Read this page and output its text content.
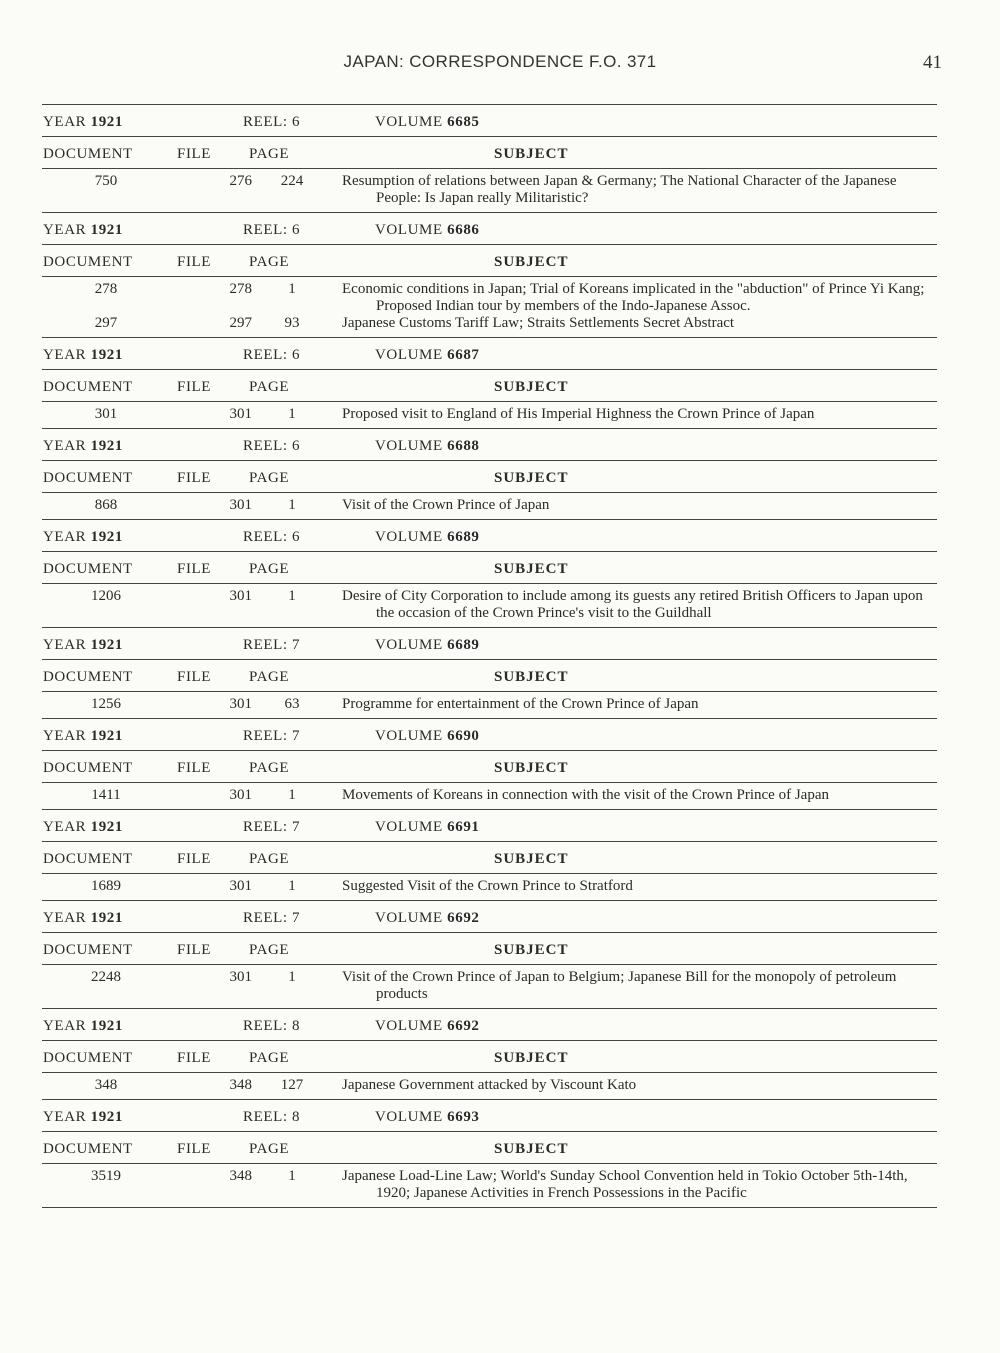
JAPAN: CORRESPONDENCE F.O. 371	41
YEAR 1921	REEL: 6	VOLUME 6685
DOCUMENT	FILE	PAGE	SUBJECT
750	276	224	Resumption of relations between Japan & Germany; The National Character of the Japanese People: Is Japan really Militaristic?
YEAR 1921	REEL: 6	VOLUME 6686
DOCUMENT	FILE	PAGE	SUBJECT
278	278	1	Economic conditions in Japan; Trial of Koreans implicated in the "abduction" of Prince Yi Kang; Proposed Indian tour by members of the Indo-Japanese Assoc.
297	297	93	Japanese Customs Tariff Law; Straits Settlements Secret Abstract
YEAR 1921	REEL: 6	VOLUME 6687
DOCUMENT	FILE	PAGE	SUBJECT
301	301	1	Proposed visit to England of His Imperial Highness the Crown Prince of Japan
YEAR 1921	REEL: 6	VOLUME 6688
DOCUMENT	FILE	PAGE	SUBJECT
868	301	1	Visit of the Crown Prince of Japan
YEAR 1921	REEL: 6	VOLUME 6689
DOCUMENT	FILE	PAGE	SUBJECT
1206	301	1	Desire of City Corporation to include among its guests any retired British Officers to Japan upon the occasion of the Crown Prince's visit to the Guildhall
YEAR 1921	REEL: 7	VOLUME 6689
DOCUMENT	FILE	PAGE	SUBJECT
1256	301	63	Programme for entertainment of the Crown Prince of Japan
YEAR 1921	REEL: 7	VOLUME 6690
DOCUMENT	FILE	PAGE	SUBJECT
1411	301	1	Movements of Koreans in connection with the visit of the Crown Prince of Japan
YEAR 1921	REEL: 7	VOLUME 6691
DOCUMENT	FILE	PAGE	SUBJECT
1689	301	1	Suggested Visit of the Crown Prince to Stratford
YEAR 1921	REEL: 7	VOLUME 6692
DOCUMENT	FILE	PAGE	SUBJECT
2248	301	1	Visit of the Crown Prince of Japan to Belgium; Japanese Bill for the monopoly of petroleum products
YEAR 1921	REEL: 8	VOLUME 6692
DOCUMENT	FILE	PAGE	SUBJECT
348	348	127	Japanese Government attacked by Viscount Kato
YEAR 1921	REEL: 8	VOLUME 6693
DOCUMENT	FILE	PAGE	SUBJECT
3519	348	1	Japanese Load-Line Law; World's Sunday School Convention held in Tokio October 5th-14th, 1920; Japanese Activities in French Possessions in the Pacific
